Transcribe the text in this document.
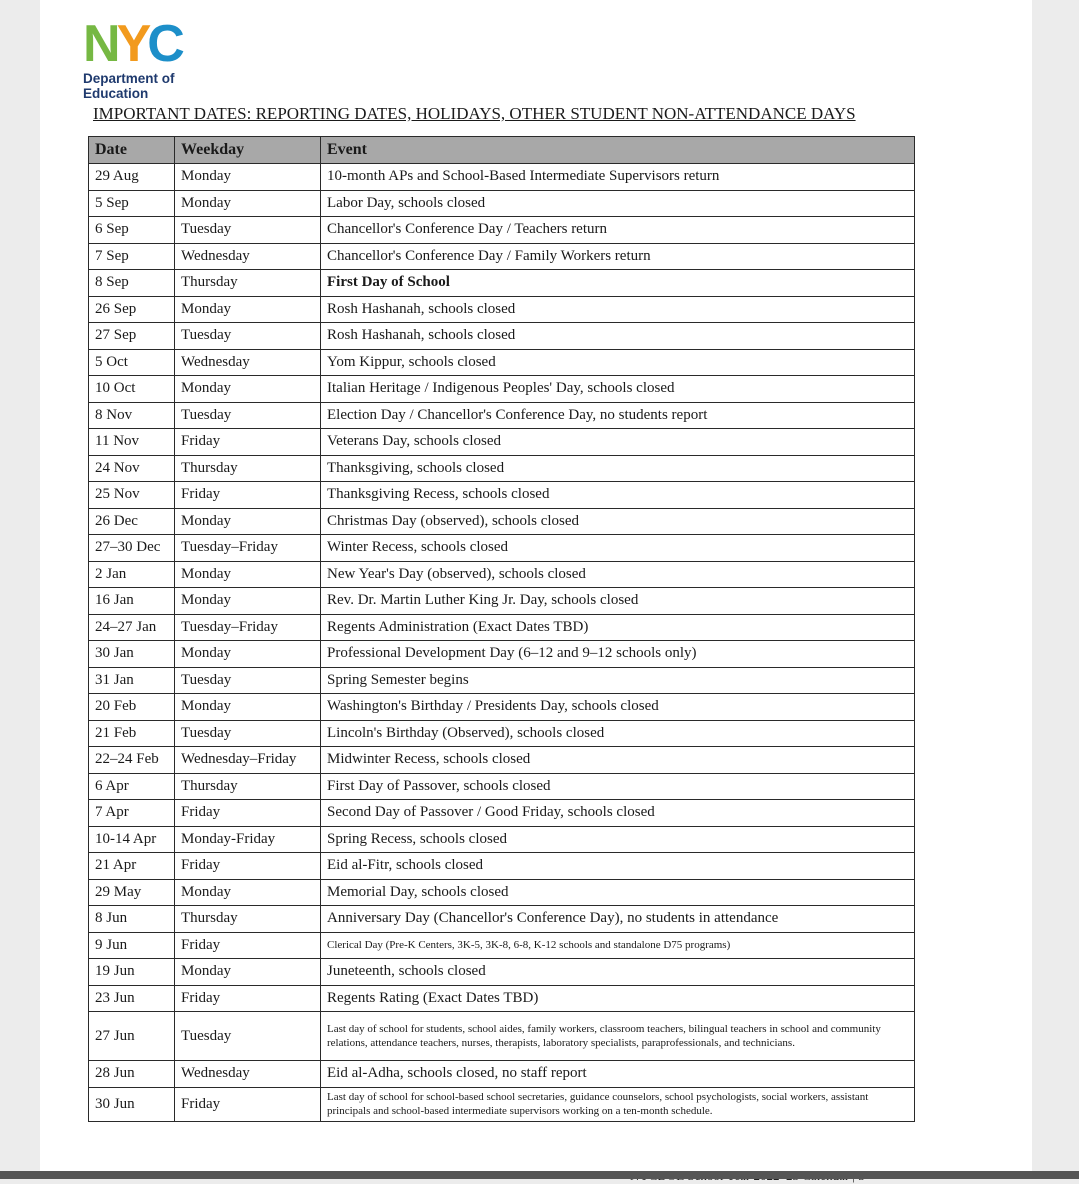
NYC
Department of
Education
IMPORTANT DATES: REPORTING DATES, HOLIDAYS, OTHER STUDENT NON-ATTENDANCE DAYS
Date	Weekday	Event
29 Aug	Monday	10-month APs and School-Based Intermediate Supervisors return
5 Sep	Monday	Labor Day, schools closed
6 Sep	Tuesday	Chancellor's Conference Day / Teachers return
7 Sep	Wednesday	Chancellor's Conference Day / Family Workers return
8 Sep	Thursday	First Day of School
26 Sep	Monday	Rosh Hashanah, schools closed
27 Sep	Tuesday	Rosh Hashanah, schools closed
5 Oct	Wednesday	Yom Kippur, schools closed
10 Oct	Monday	Italian Heritage / Indigenous Peoples' Day, schools closed
8 Nov	Tuesday	Election Day / Chancellor's Conference Day, no students report
11 Nov	Friday	Veterans Day, schools closed
24 Nov	Thursday	Thanksgiving, schools closed
25 Nov	Friday	Thanksgiving Recess, schools closed
26 Dec	Monday	Christmas Day (observed), schools closed
27–30 Dec	Tuesday–Friday	Winter Recess, schools closed
2 Jan	Monday	New Year's Day (observed), schools closed
16 Jan	Monday	Rev. Dr. Martin Luther King Jr. Day, schools closed
24–27 Jan	Tuesday–Friday	Regents Administration (Exact Dates TBD)
30 Jan	Monday	Professional Development Day (6–12 and 9–12 schools only)
31 Jan	Tuesday	Spring Semester begins
20 Feb	Monday	Washington's Birthday / Presidents Day, schools closed
21 Feb	Tuesday	Lincoln's Birthday (Observed), schools closed
22–24 Feb	Wednesday–Friday	Midwinter Recess, schools closed
6 Apr	Thursday	First Day of Passover, schools closed
7 Apr	Friday	Second Day of Passover / Good Friday, schools closed
10-14 Apr	Monday-Friday	Spring Recess, schools closed
21 Apr	Friday	Eid al-Fitr, schools closed
29 May	Monday	Memorial Day, schools closed
8 Jun	Thursday	Anniversary Day (Chancellor's Conference Day), no students in attendance
9 Jun	Friday	Clerical Day (Pre-K Centers, 3K-5, 3K-8, 6-8, K-12 schools and standalone D75 programs)
19 Jun	Monday	Juneteenth, schools closed
23 Jun	Friday	Regents Rating (Exact Dates TBD)
27 Jun	Tuesday	Last day of school for students, school aides, family workers, classroom teachers, bilingual teachers in school and community relations, attendance teachers, nurses, therapists, laboratory specialists, paraprofessionals, and technicians.
28 Jun	Wednesday	Eid al-Adha, schools closed, no staff report
30 Jun	Friday	Last day of school for school-based school secretaries, guidance counselors, school psychologists, social workers, assistant principals and school-based intermediate supervisors working on a ten-month schedule.
